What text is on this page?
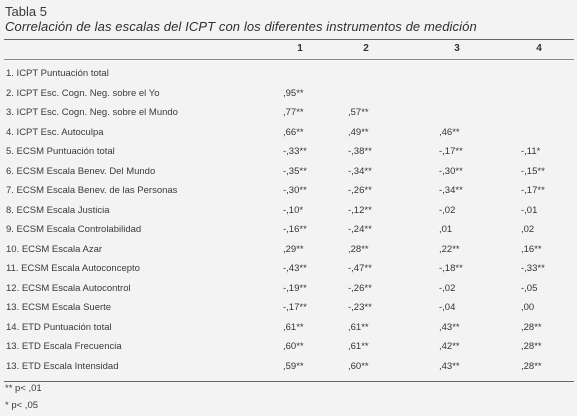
Tabla 5
Correlación de las escalas del ICPT con los diferentes instrumentos de medición
1	2	3	4
1. ICPT Puntuación total
2. ICPT Esc. Cogn. Neg. sobre el Yo	,95**
3. ICPT Esc. Cogn. Neg. sobre el Mundo	,77**	,57**
4. ICPT Esc. Autoculpa	,66**	,49**	,46**
5. ECSM Puntuación total	-,33**	-,38**	-,17**	-,11*
6. ECSM Escala Benev. Del Mundo	-,35**	-,34**	-,30**	-,15**
7. ECSM Escala Benev. de las Personas	-,30**	-,26**	-,34**	-,17**
8. ECSM Escala Justicia	-,10*	-,12**	-,02	-,01
9. ECSM Escala Controlabilidad	-,16**	-,24**	,01	,02
10. ECSM Escala Azar	,29**	,28**	,22**	,16**
11. ECSM Escala Autoconcepto	-,43**	-,47**	-,18**	-,33**
12. ECSM Escala Autocontrol	-,19**	-,26**	-,02	-,05
13. ECSM Escala Suerte	-,17**	-,23**	-,04	,00
14. ETD Puntuación total	,61**	,61**	,43**	,28**
13. ETD Escala Frecuencia	,60**	,61**	,42**	,28**
13. ETD Escala Intensidad	,59**	,60**	,43**	,28**
** p< ,01
* p< ,05
